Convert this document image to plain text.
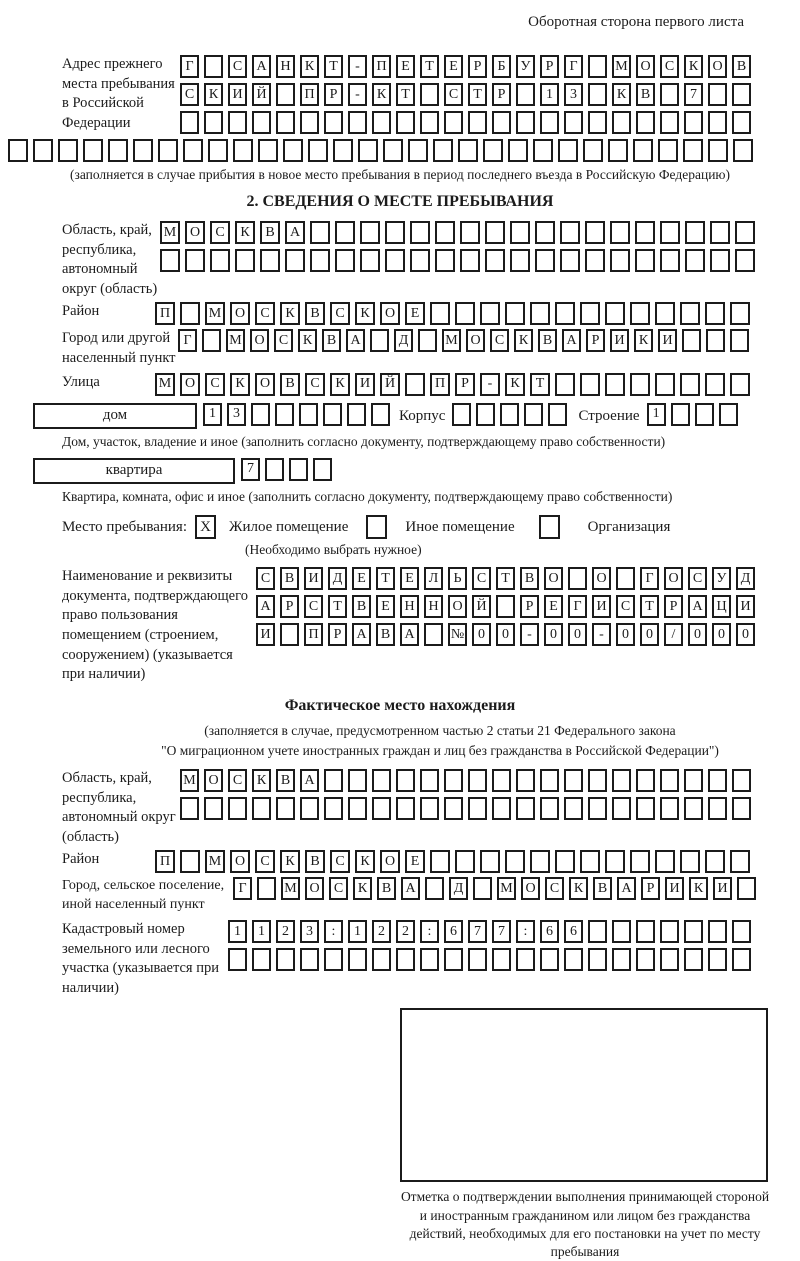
Оборотная сторона первого листа
Адрес прежнего места пребывания в Российской Федерации
Г	С	А Н	К	Т	-	П	Е	Т	Е	Р	Б	У	Р	Г	М О	С	К	О	В
С	К	И Й	П	Р	-	К	Т	С	Т	Р	1	3	К	В	7
(заполняется в случае прибытия в новое место пребывания в период последнего въезда в Российскую Федерацию)
2. СВЕДЕНИЯ О МЕСТЕ ПРЕБЫВАНИЯ
Область, край, республика, автономный округ (область)
М О	С	К	В	А
Район	П	М О	С	К	В	С	К	О	Е
Город или другой населенный пункт
Г	М О	С	К	В	А	Д	М О	С	К	В	А	Р	И	К	И
Улица	М О	С	К	О	В	С	К	И	Й	П	Р	-	К	Т
дом	1	3	Корпус	Строение 1
Дом, участок, владение и иное (заполнить согласно документу, подтверждающему право собственности)
квартира	7
Квартира, комната, офис и иное (заполнить согласно документу, подтверждающему право собственности)
Место пребывания: X	Жилое помещение	Иное помещение	Организация
(Необходимо выбрать нужное)
Наименование и реквизиты документа, подтверждающего право пользования помещением (строением, сооружением) (указывается при наличии)
С	В	И	Д	Е	Т	Е	Л	Ь	С	Т	В	О	О	Г	О	С	У	Д
А	Р	С	Т	В	Е	Н Н О Й	Р	Е	Г	И	С	Т	Р	А Ц И
И	П	Р	А	В	А	№ 0	0	-	0	0	-	0	0	/	0	0	0
Фактическое место нахождения
(заполняется в случае, предусмотренном частью 2 статьи 21 Федерального закона
"О миграционном учете иностранных граждан и лиц без гражданства в Российской Федерации")
Область, край, республика, автономный округ (область)
М О	С	К	В	А
Район	П	М О	С	К	В	С	К	О	Е
Город, сельское поселение, иной населенный пункт
Г	М О	С	К	В	А	Д	М О	С	К	В	А	Р	И	К	И
Кадастровый номер земельного или лесного участка (указывается при наличии)
1	1	2	3	:	1	2	2	:	6	7	7	:	6	6
Отметка о подтверждении выполнения принимающей стороной и иностранным гражданином или лицом без гражданства действий, необходимых для его постановки на учет по месту пребывания
